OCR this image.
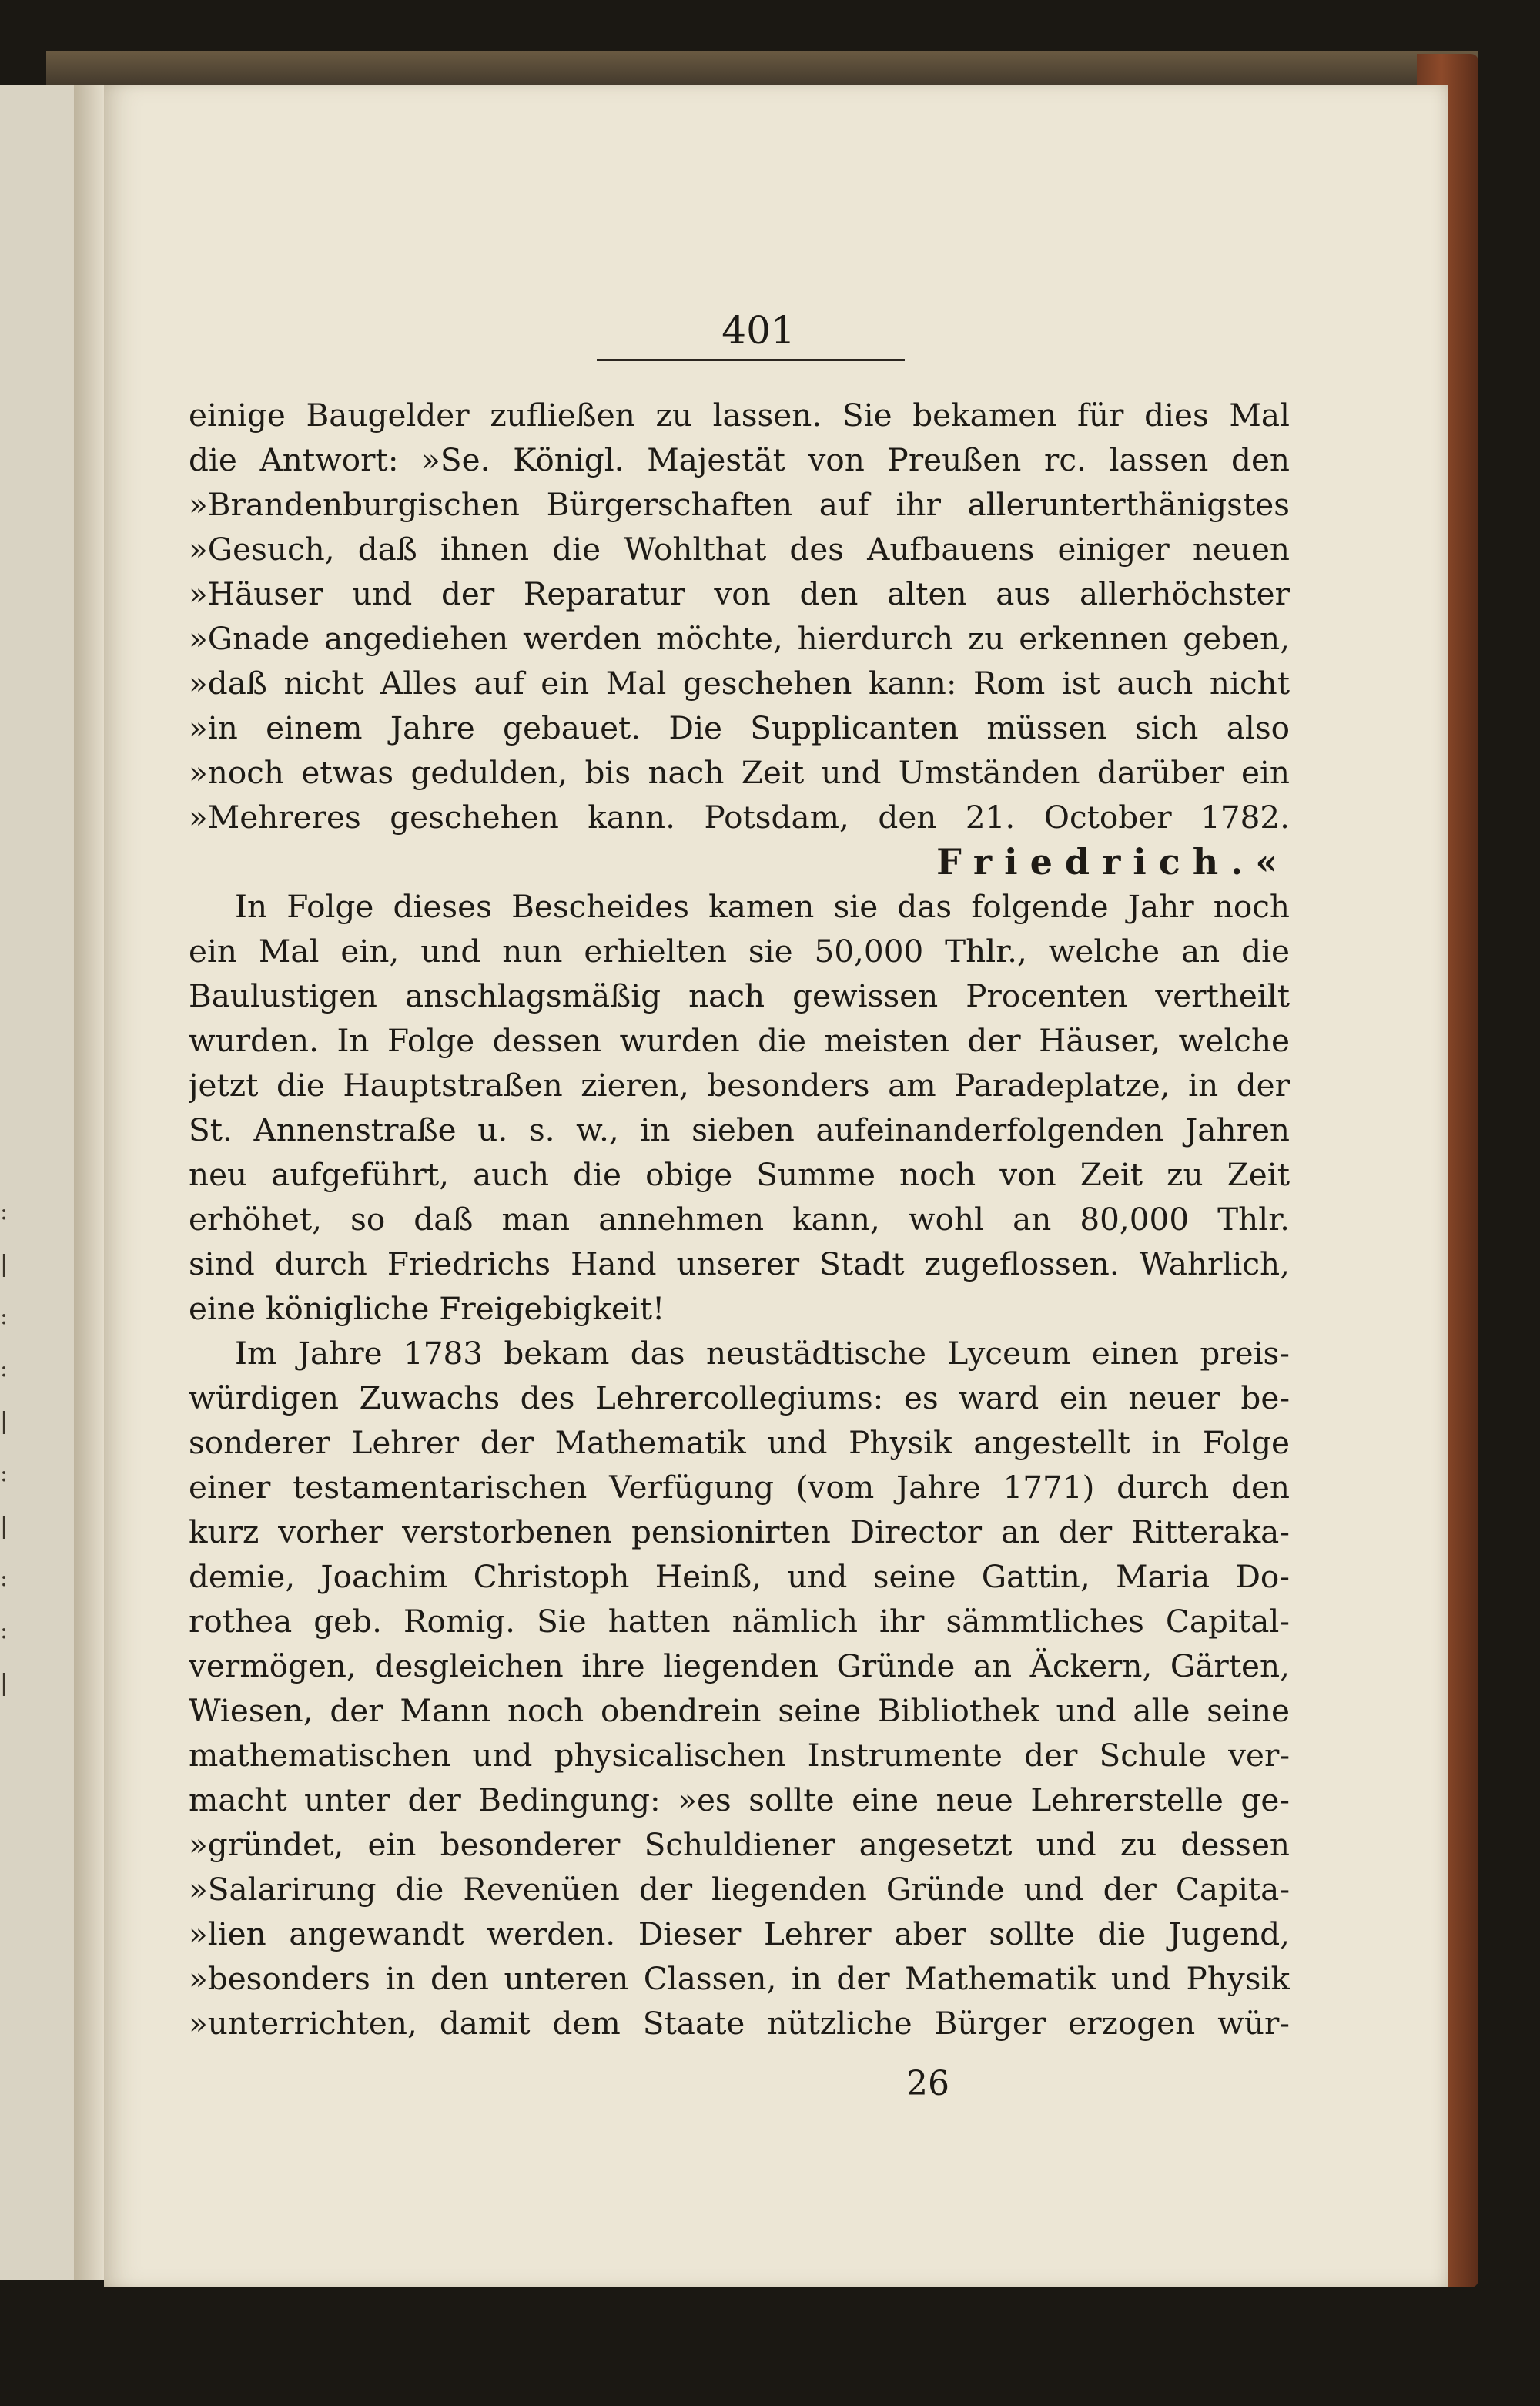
:
|
:
:
|
:
|
:
:
|
401
einige Baugelder zufließen zu lassen. Sie bekamen für dies Mal
die Antwort: »Se. Königl. Majestät von Preußen rc. lassen den
»Brandenburgischen Bürgerschaften auf ihr allerunterthänigstes
»Gesuch, daß ihnen die Wohlthat des Aufbauens einiger neuen
»Häuser und der Reparatur von den alten aus allerhöchster
»Gnade angediehen werden möchte, hierdurch zu erkennen geben,
»daß nicht Alles auf ein Mal geschehen kann: Rom ist auch nicht
»in einem Jahre gebauet. Die Supplicanten müssen sich also
»noch etwas gedulden, bis nach Zeit und Umständen darüber ein
»Mehreres geschehen kann. Potsdam, den 21. October 1782.
Friedrich.«
In Folge dieses Bescheides kamen sie das folgende Jahr noch
ein Mal ein, und nun erhielten sie 50,000 Thlr., welche an die
Baulustigen anschlagsmäßig nach gewissen Procenten vertheilt
wurden. In Folge dessen wurden die meisten der Häuser, welche
jetzt die Hauptstraßen zieren, besonders am Paradeplatze, in der
St. Annenstraße u. s. w., in sieben aufeinanderfolgenden Jahren
neu aufgeführt, auch die obige Summe noch von Zeit zu Zeit
erhöhet, so daß man annehmen kann, wohl an 80,000 Thlr.
sind durch Friedrichs Hand unserer Stadt zugeflossen. Wahrlich,
eine königliche Freigebigkeit!
Im Jahre 1783 bekam das neustädtische Lyceum einen preis-
würdigen Zuwachs des Lehrercollegiums: es ward ein neuer be-
sonderer Lehrer der Mathematik und Physik angestellt in Folge
einer testamentarischen Verfügung (vom Jahre 1771) durch den
kurz vorher verstorbenen pensionirten Director an der Ritteraka-
demie, Joachim Christoph Heinß, und seine Gattin, Maria Do-
rothea geb. Romig. Sie hatten nämlich ihr sämmtliches Capital-
vermögen, desgleichen ihre liegenden Gründe an Äckern, Gärten,
Wiesen, der Mann noch obendrein seine Bibliothek und alle seine
mathematischen und physicalischen Instrumente der Schule ver-
macht unter der Bedingung: »es sollte eine neue Lehrerstelle ge-
»gründet, ein besonderer Schuldiener angesetzt und zu dessen
»Salarirung die Revenüen der liegenden Gründe und der Capita-
»lien angewandt werden. Dieser Lehrer aber sollte die Jugend,
»besonders in den unteren Classen, in der Mathematik und Physik
»unterrichten, damit dem Staate nützliche Bürger erzogen wür-
26
